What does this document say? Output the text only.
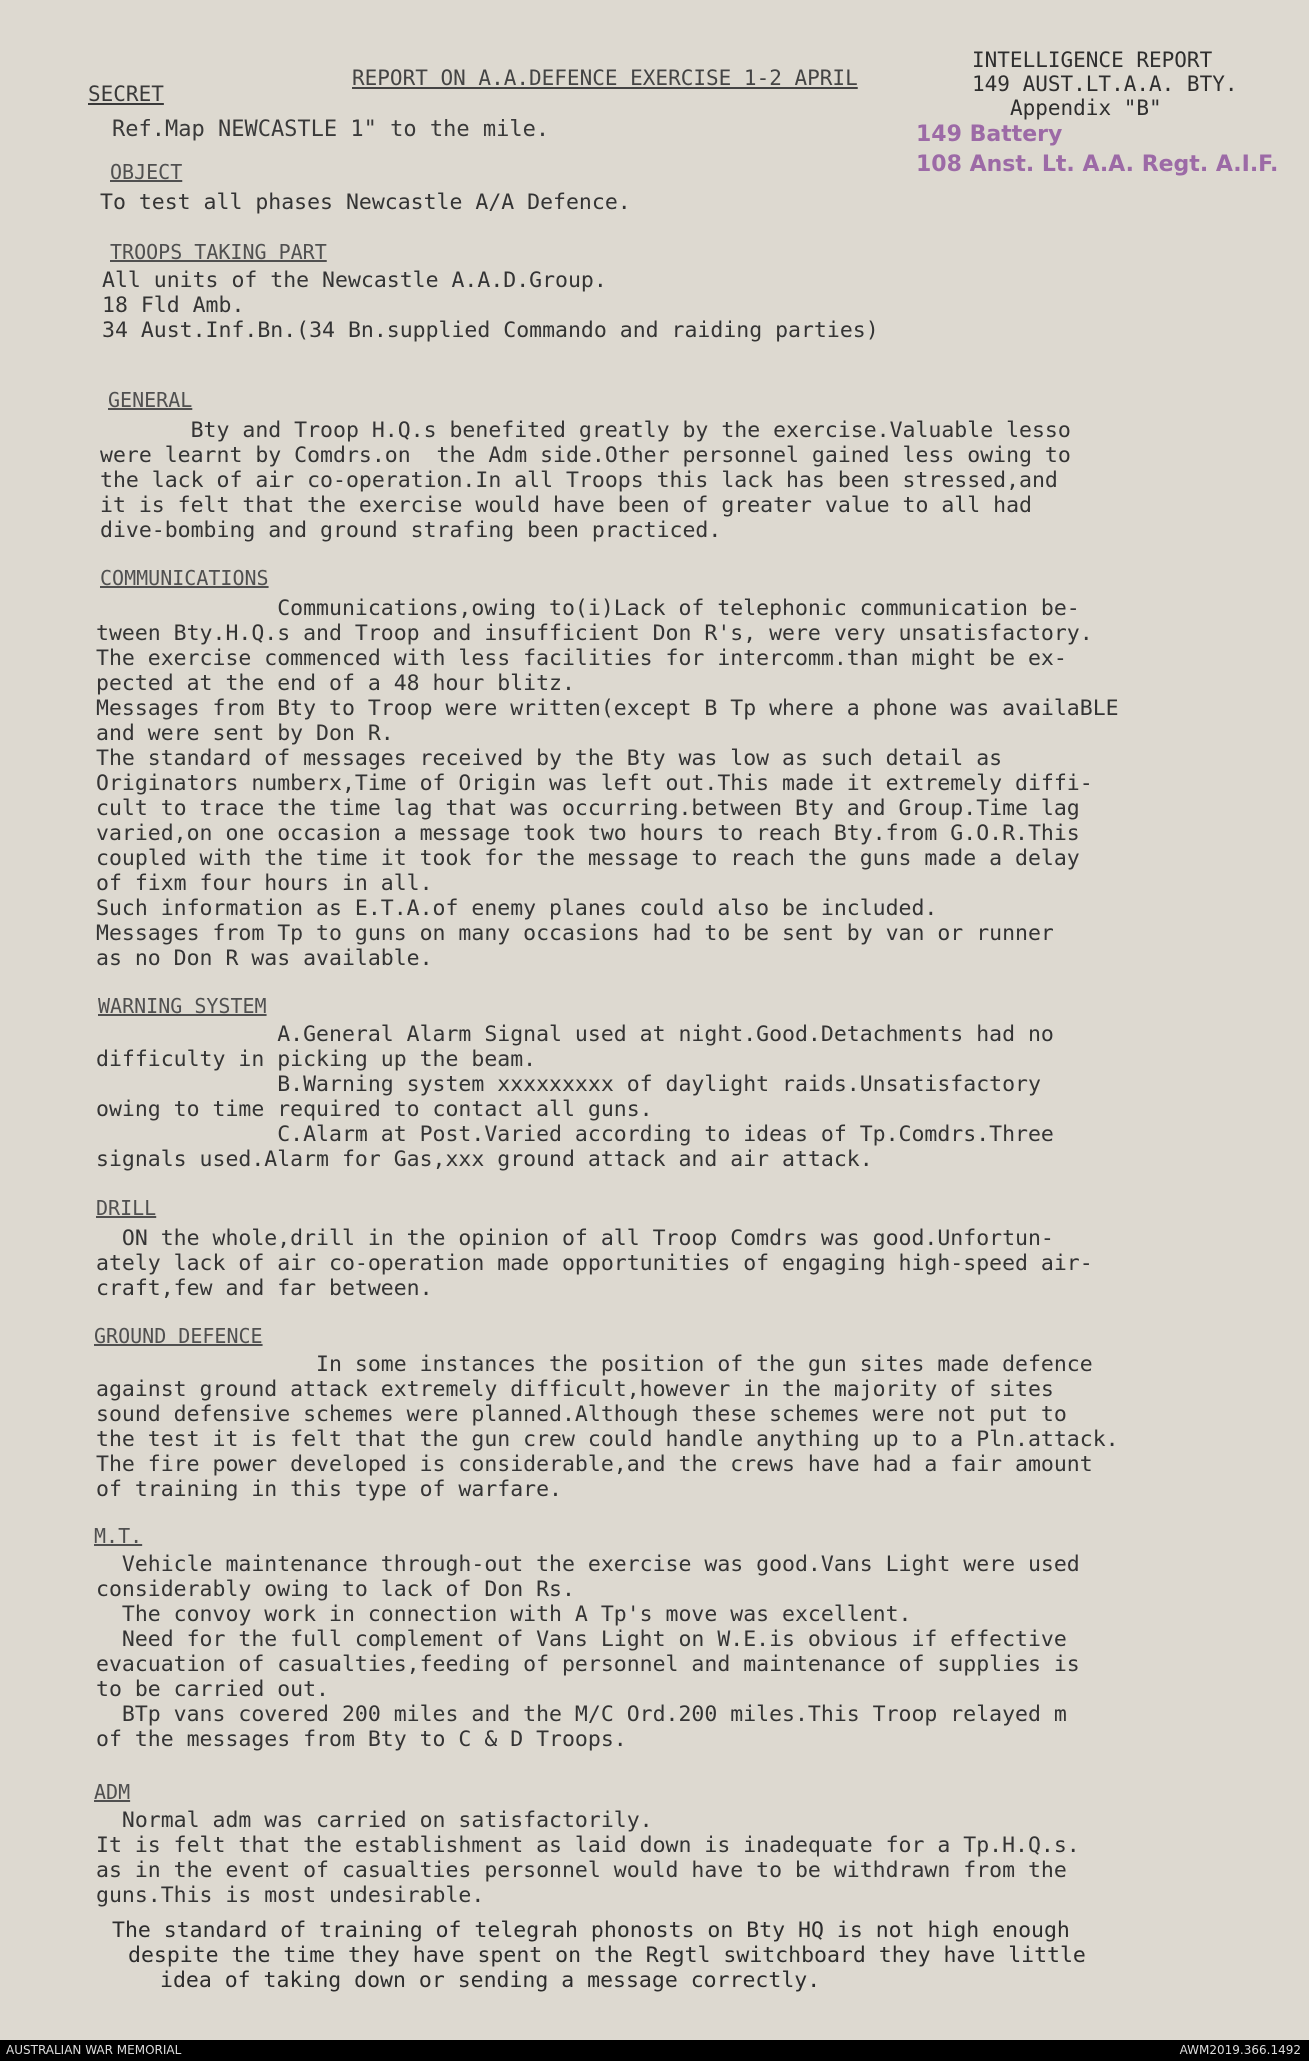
SECRET
REPORT ON A.A.DEFENCE EXERCISE 1-2 APRIL
INTELLIGENCE REPORT
149 AUST.LT.A.A. BTY.
Appendix "B"
149 Battery
108 Anst. Lt. A.A. Regt. A.I.F.
Ref.Map NEWCASTLE 1" to the mile.
OBJECT
To test all phases Newcastle A/A Defence.
TROOPS TAKING PART
All units of the Newcastle A.A.D.Group.
18 Fld Amb.
34 Aust.Inf.Bn.(34 Bn.supplied Commando and raiding parties)
GENERAL
Bty and Troop H.Q.s benefited greatly by the exercise.Valuable lesso
were learnt by Comdrs.on  the Adm side.Other personnel gained less owing to
the lack of air co-operation.In all Troops this lack has been stressed,and
it is felt that the exercise would have been of greater value to all had
dive-bombing and ground strafing been practiced.
COMMUNICATIONS
Communications,owing to(i)Lack of telephonic communication be-
tween Bty.H.Q.s and Troop and insufficient Don R's, were very unsatisfactory.
The exercise commenced with less facilities for intercomm.than might be ex-
pected at the end of a 48 hour blitz.
Messages from Bty to Troop were written(except B Tp where a phone was availaBLE
and were sent by Don R.
The standard of messages received by the Bty was low as such detail as
Originators numberx,Time of Origin was left out.This made it extremely diffi-
cult to trace the time lag that was occurring.between Bty and Group.Time lag
varied,on one occasion a message took two hours to reach Bty.from G.O.R.This
coupled with the time it took for the message to reach the guns made a delay
of fixm four hours in all.
Such information as E.T.A.of enemy planes could also be included.
Messages from Tp to guns on many occasions had to be sent by van or runner
as no Don R was available.
WARNING SYSTEM
A.General Alarm Signal used at night.Good.Detachments had no
difficulty in picking up the beam.
B.Warning system xxxxxxxxx of daylight raids.Unsatisfactory
owing to time required to contact all guns.
C.Alarm at Post.Varied according to ideas of Tp.Comdrs.Three
signals used.Alarm for Gas,xxx ground attack and air attack.
DRILL
ON the whole,drill in the opinion of all Troop Comdrs was good.Unfortun-
ately lack of air co-operation made opportunities of engaging high-speed air-
craft,few and far between.
GROUND DEFENCE
In some instances the position of the gun sites made defence
against ground attack extremely difficult,however in the majority of sites
sound defensive schemes were planned.Although these schemes were not put to
the test it is felt that the gun crew could handle anything up to a Pln.attack.
The fire power developed is considerable,and the crews have had a fair amount
of training in this type of warfare.
M.T.
Vehicle maintenance through-out the exercise was good.Vans Light were used
considerably owing to lack of Don Rs.
The convoy work in connection with A Tp's move was excellent.
Need for the full complement of Vans Light on W.E.is obvious if effective
evacuation of casualties,feeding of personnel and maintenance of supplies is
to be carried out.
BTp vans covered 200 miles and the M/C Ord.200 miles.This Troop relayed m
of the messages from Bty to C & D Troops.
ADM
Normal adm was carried on satisfactorily.
It is felt that the establishment as laid down is inadequate for a Tp.H.Q.s.
as in the event of casualties personnel would have to be withdrawn from the
guns.This is most undesirable.
The standard of training of telegrah phonosts on Bty HQ is not high enough
despite the time they have spent on the Regtl switchboard they have little
idea of taking down or sending a message correctly.
AUSTRALIAN WAR MEMORIAL	AWM2019.366.1492
